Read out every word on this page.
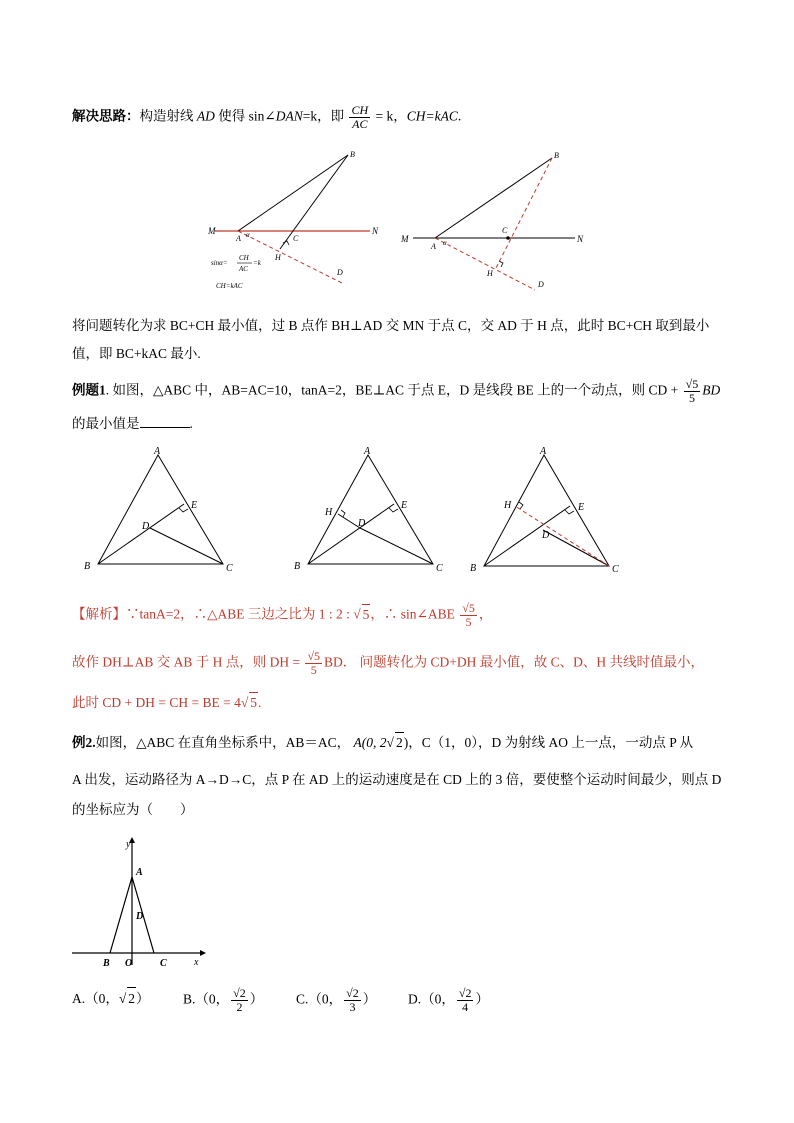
解决思路：构造射线 AD 使得 sin∠DAN=k，即 $\frac{CH}{AC} = k$，CH=kAC.
M	N
A α	C
B
H
D
sinα=
CH
AC
=k
CH=kAC
M	N
A α
C
B
H
D
将问题转化为求 BC+CH 最小值，过 B 点作 BH⊥AD 交 MN 于点 C，交 AD 于 H 点，此时 BC+CH 取到最小
值，即 BC+kAC 最小.
例题1. 如图，△ABC 中，AB=AC=10，tanA=2，BE⊥AC 于点 E，D 是线段 BE 上的一个动点，则 CD + $\frac{√5}{5}$ BD
的最小值是	.
A
B	C
D
E
A
B	C
D
E
H
A
B	C
D
E
H
【解析】∵tanA=2，∴△ABE 三边之比为 1 : 2 : √ 5，∴ sin∠ABE $\frac{√5}{5}$ ，
故作 DH⊥AB 交 AB 于 H 点，则 DH = $\frac{√5}{5}$ BD． 问题转化为 CD+DH 最小值，故 C、D、H 共线时值最小，
此时 CD + DH = CH = BE = 4√ 5.
例2.如图，△ABC 在直角坐标系中，AB＝AC， A(0, 2√ 2)，C（1，0），D 为射线 AO 上一点，一动点 P 从
A 出发，运动路径为 A→D→C，点 P 在 AD 上的运动速度是在 CD 上的 3 倍，要使整个运动时间最少，则点 D
的坐标应为（　　）
y
x
A
D
B O	C
A.（0，√ 2） B.（0， $\frac{√2}{2}$ ） C.（0， $\frac{√2}{3}$ ） D.（0， $\frac{√2}{4}$ ）
